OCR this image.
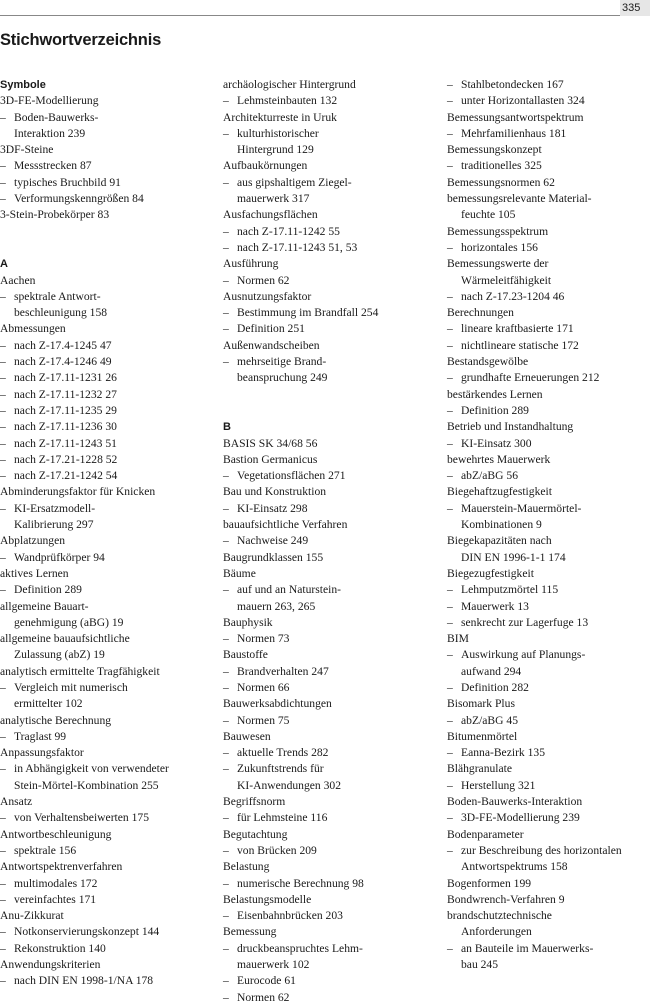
335
Stichwortverzeichnis
Symbole
3D-FE-Modellierung
– Boden-Bauwerks-
Interaktion 239
3DF-Steine
– Messstrecken 87
– typisches Bruchbild 91
– Verformungskenngrößen 84
3-Stein-Probekörper 83
A
Aachen
– spektrale Antwort-
beschleunigung 158
Abmessungen
– nach Z-17.4-1245 47
– nach Z-17.4-1246 49
– nach Z-17.11-1231 26
– nach Z-17.11-1232 27
– nach Z-17.11-1235 29
– nach Z-17.11-1236 30
– nach Z-17.11-1243 51
– nach Z-17.21-1228 52
– nach Z-17.21-1242 54
Abminderungsfaktor für Knicken
– KI-Ersatzmodell-
Kalibrierung 297
Abplatzungen
– Wandprüfkörper 94
aktives Lernen
– Definition 289
allgemeine Bauart-
genehmigung (aBG) 19
allgemeine bauaufsichtliche
Zulassung (abZ) 19
analytisch ermittelte Tragfähigkeit
– Vergleich mit numerisch
ermittelter 102
analytische Berechnung
– Traglast 99
Anpassungsfaktor
– in Abhängigkeit von verwendeter
Stein-Mörtel-Kombination 255
Ansatz
– von Verhaltensbeiwerten 175
Antwortbeschleunigung
– spektrale 156
Antwortspektrenverfahren
– multimodales 172
– vereinfachtes 171
Anu-Zikkurat
– Notkonservierungskonzept 144
– Rekonstruktion 140
Anwendungskriterien
– nach DIN EN 1998-1/NA 178
archäologischer Hintergrund
– Lehmsteinbauten 132
Architekturreste in Uruk
– kulturhistorischer
Hintergrund 129
Aufbaukörnungen
– aus gipshaltigem Ziegel-
mauerwerk 317
Ausfachungsflächen
– nach Z-17.11-1242 55
– nach Z-17.11-1243 51, 53
Ausführung
– Normen 62
Ausnutzungsfaktor
– Bestimmung im Brandfall 254
– Definition 251
Außenwandscheiben
– mehrseitige Brand-
beanspruchung 249
B
BASIS SK 34/68 56
Bastion Germanicus
– Vegetationsflächen 271
Bau und Konstruktion
– KI-Einsatz 298
bauaufsichtliche Verfahren
– Nachweise 249
Baugrundklassen 155
Bäume
– auf und an Naturstein-
mauern 263, 265
Bauphysik
– Normen 73
Baustoffe
– Brandverhalten 247
– Normen 66
Bauwerksabdichtungen
– Normen 75
Bauwesen
– aktuelle Trends 282
– Zukunftstrends für
KI-Anwendungen 302
Begriffsnorm
– für Lehmsteine 116
Begutachtung
– von Brücken 209
Belastung
– numerische Berechnung 98
Belastungsmodelle
– Eisenbahnbrücken 203
Bemessung
– druckbeanspruchtes Lehm-
mauerwerk 102
– Eurocode 61
– Normen 62
– Stahlbetondecken 167
– unter Horizontallasten 324
Bemessungsantwortspektrum
– Mehrfamilienhaus 181
Bemessungskonzept
– traditionelles 325
Bemessungsnormen 62
bemessungsrelevante Material-
feuchte 105
Bemessungsspektrum
– horizontales 156
Bemessungswerte der
Wärmeleitfähigkeit
– nach Z-17.23-1204 46
Berechnungen
– lineare kraftbasierte 171
– nichtlineare statische 172
Bestandsgewölbe
– grundhafte Erneuerungen 212
bestärkendes Lernen
– Definition 289
Betrieb und Instandhaltung
– KI-Einsatz 300
bewehrtes Mauerwerk
– abZ/aBG 56
Biegehaftzugfestigkeit
– Mauerstein-Mauermörtel-
Kombinationen 9
Biegekapazitäten nach
DIN EN 1996-1-1 174
Biegezugfestigkeit
– Lehmputzmörtel 115
– Mauerwerk 13
– senkrecht zur Lagerfuge 13
BIM
– Auswirkung auf Planungs-
aufwand 294
– Definition 282
Bisomark Plus
– abZ/aBG 45
Bitumenmörtel
– Eanna-Bezirk 135
Blähgranulate
– Herstellung 321
Boden-Bauwerks-Interaktion
– 3D-FE-Modellierung 239
Bodenparameter
– zur Beschreibung des horizontalen
Antwortspektrums 158
Bogenformen 199
Bondwrench-Verfahren 9
brandschutztechnische
Anforderungen
– an Bauteile im Mauerwerks-
bau 245
